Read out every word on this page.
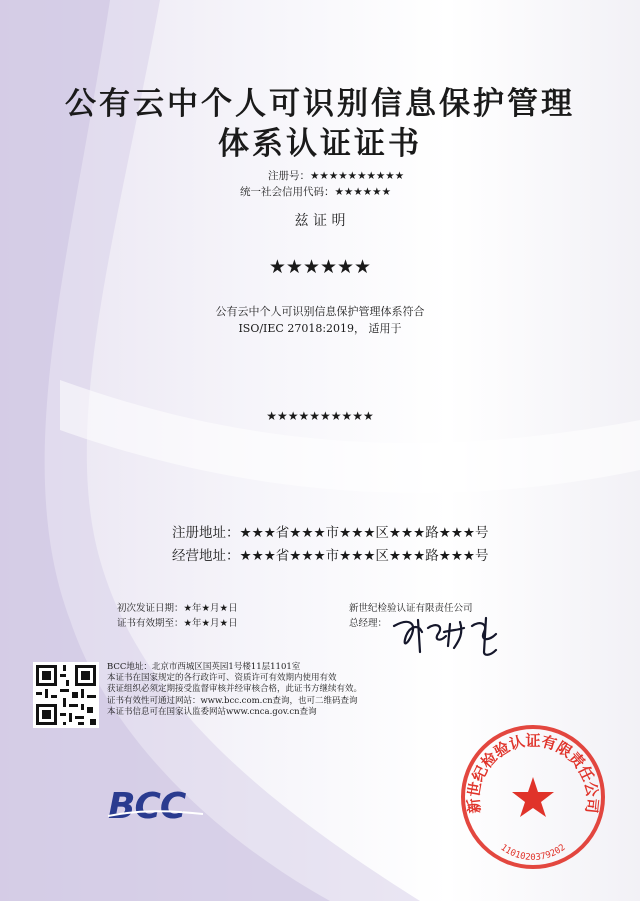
公有云中个人可识别信息保护管理
体系认证证书
注册号：★★★★★★★★★★
统一社会信用代码：★★★★★★
兹 证 明
★★★★★★
公有云中个人可识别信息保护管理体系符合
ISO/IEC 27018:2019， 适用于
★★★★★★★★★★
注册地址：★★★省★★★市★★★区★★★路★★★号
经营地址：★★★省★★★市★★★区★★★路★★★号
初次发证日期：★年★月★日
证书有效期至：★年★月★日
新世纪检验认证有限责任公司
总经理：
BCC地址：北京市西城区国英园1号楼11层1101室
本证书在国家规定的各行政许可、资质许可有效期内使用有效
获证组织必须定期接受监督审核并经审核合格，此证书方继续有效。
证书有效性可通过网站：www.bcc.com.cn查询，也可二维码查询
本证书信息可在国家认监委网站www.cnca.gov.cn查询
BCC	新世纪检验认证有限责任公司
1101020379202
